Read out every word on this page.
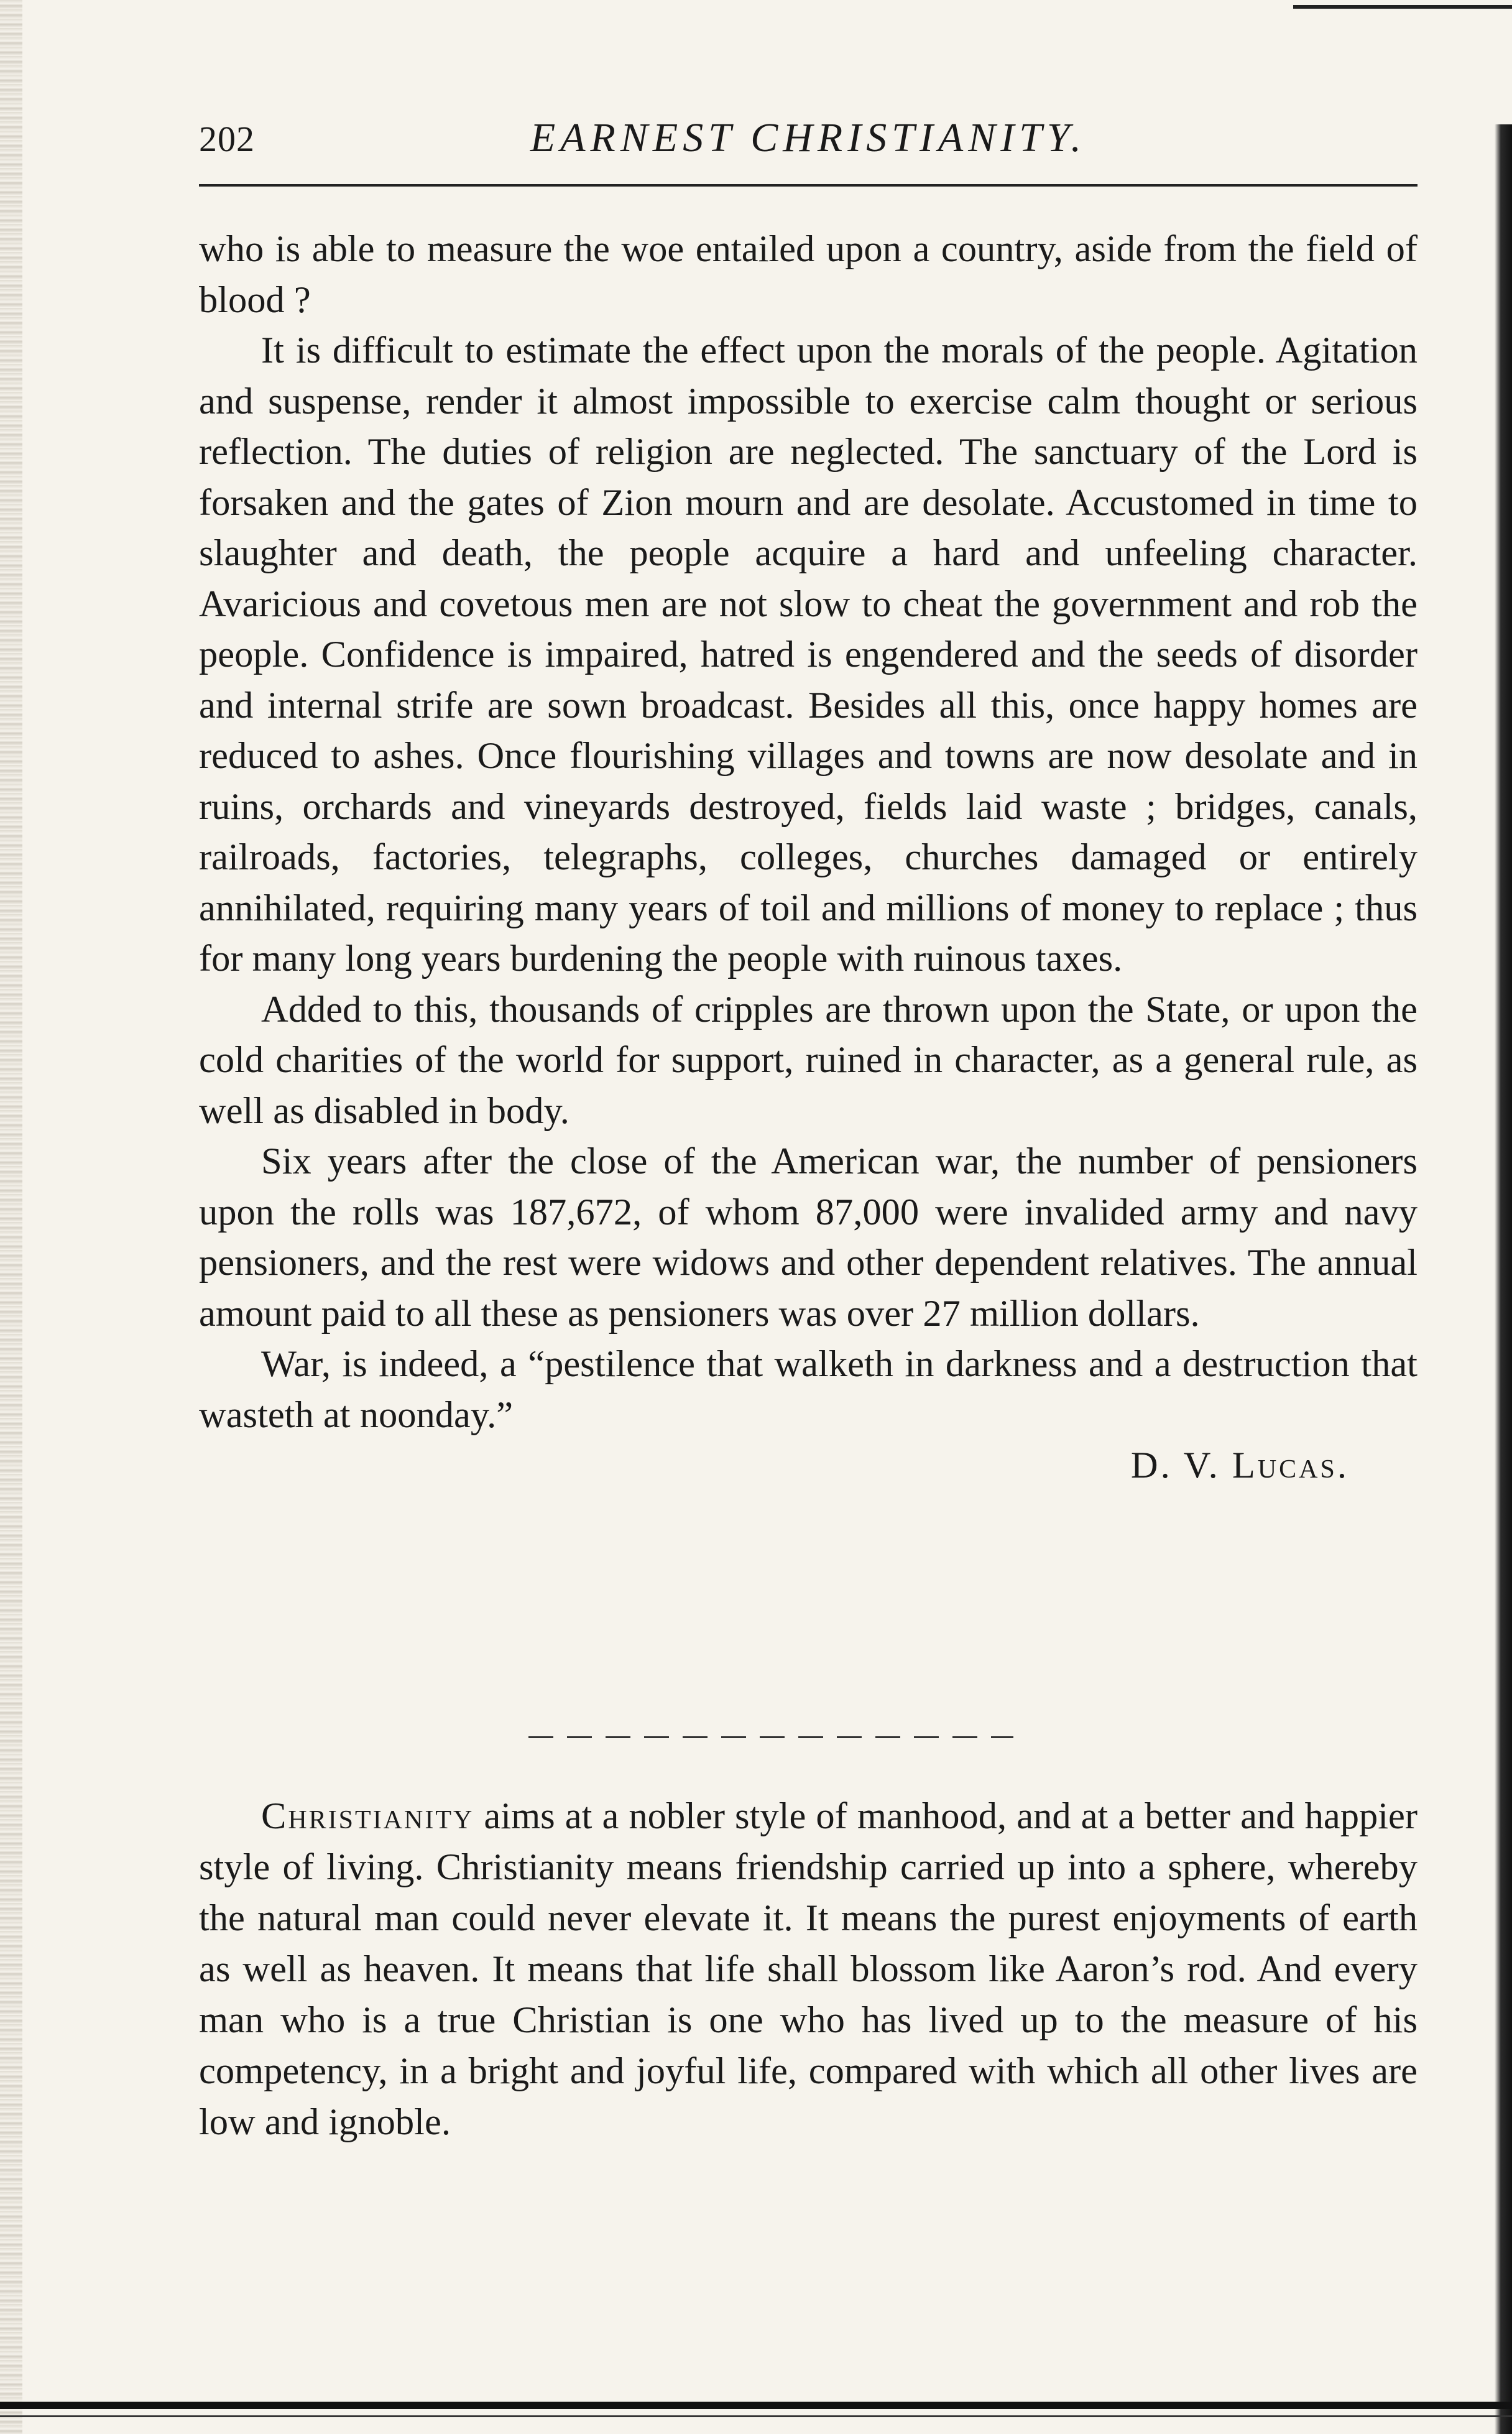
202	EARNEST CHRISTIANITY.

who is able to measure the woe entailed upon a country, aside from the field of blood ?

It is difficult to estimate the effect upon the morals of the people. Agitation and suspense, render it almost impossible to exercise calm thought or serious reflection. The duties of religion are neglected. The sanctuary of the Lord is forsaken and the gates of Zion mourn and are desolate. Accustomed in time to slaughter and death, the people acquire a hard and unfeeling character. Avaricious and covetous men are not slow to cheat the government and rob the people. Confidence is impaired, hatred is engendered and the seeds of disorder and internal strife are sown broadcast. Besides all this, once happy homes are reduced to ashes. Once flourishing villages and towns are now desolate and in ruins, orchards and vineyards destroyed, fields laid waste ; bridges, canals, railroads, factories, telegraphs, colleges, churches damaged or entirely annihilated, requiring many years of toil and millions of money to replace ; thus for many long years burdening the people with ruinous taxes.

Added to this, thousands of cripples are thrown upon the State, or upon the cold charities of the world for support, ruined in character, as a general rule, as well as disabled in body.

Six years after the close of the American war, the number of pensioners upon the rolls was 187,672, of whom 87,000 were invalided army and navy pensioners, and the rest were widows and other dependent relatives. The annual amount paid to all these as pensioners was over 27 million dollars.

War, is indeed, a “pestilence that walketh in darkness and a destruction that wasteth at noonday.”

D. V. Lucas.

Christianity aims at a nobler style of manhood, and at a better and happier style of living. Christianity means friendship carried up into a sphere, whereby the natural man could never elevate it. It means the purest enjoyments of earth as well as heaven. It means that life shall blossom like Aaron’s rod. And every man who is a true Christian is one who has lived up to the measure of his competency, in a bright and joyful life, compared with which all other lives are low and ignoble.
